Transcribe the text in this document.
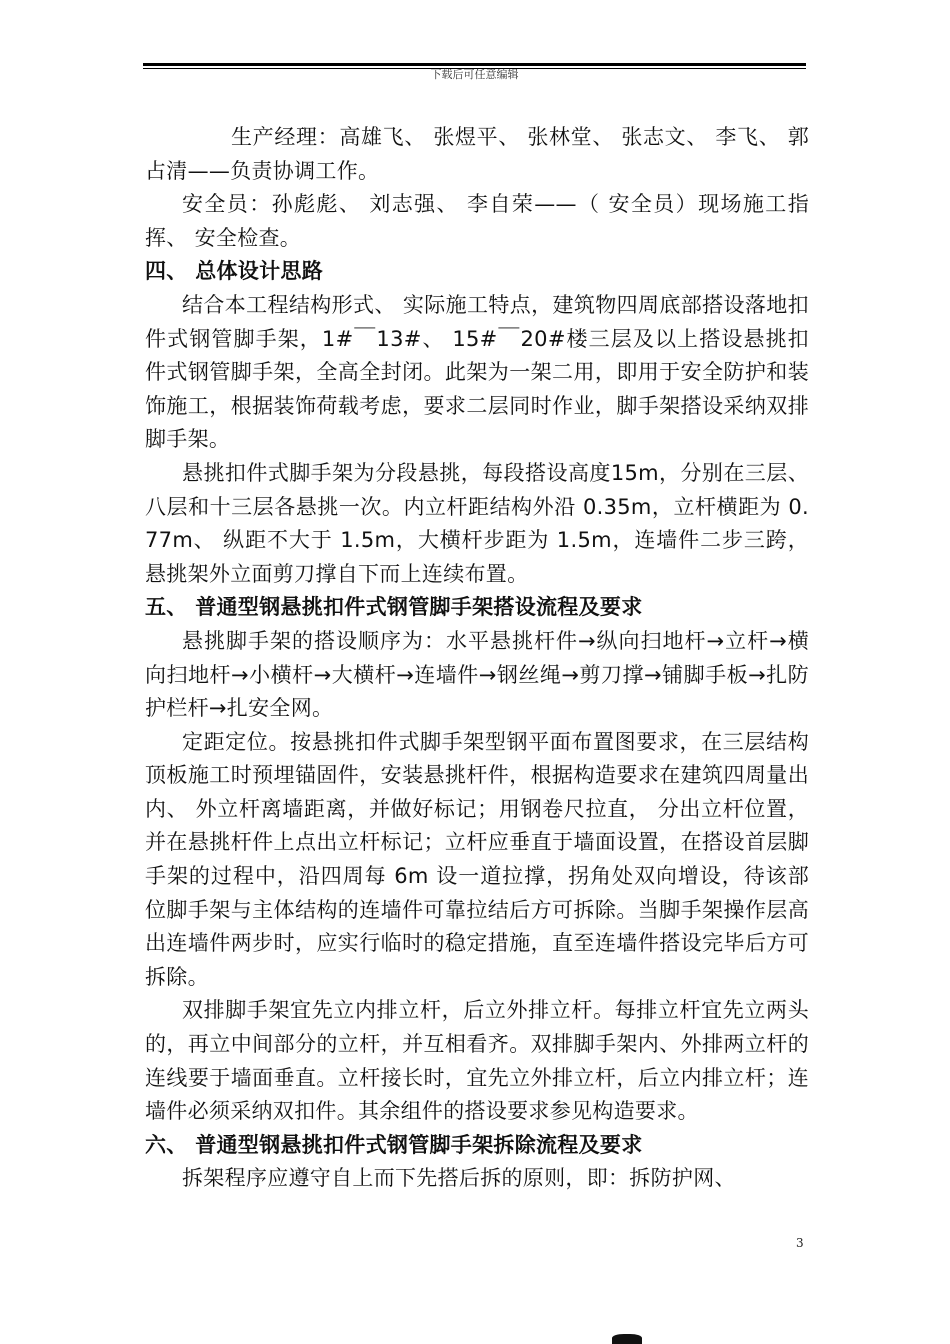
下载后可任意编辑

生产经理：高雄飞、 张煜平、 张林堂、 张志文、 李飞、 郭占清——负责协调工作。

安全员：孙彪彪、 刘志强、 李自荣——（ 安全员）现场施工指挥、 安全检查。

四、 总体设计思路

结合本工程结构形式、 实际施工特点，建筑物四周底部搭设落地扣件式钢管脚手架，1#￣13#、 15#￣20#楼三层及以上搭设悬挑扣件式钢管脚手架，全高全封闭。此架为一架二用，即用于安全防护和装饰施工，根据装饰荷载考虑，要求二层同时作业，脚手架搭设采纳双排脚手架。

悬挑扣件式脚手架为分段悬挑，每段搭设高度15m，分别在三层、 八层和十三层各悬挑一次。内立杆距结构外沿 0.35m，立杆横距为 0.77m、 纵距不大于 1.5m，大横杆步距为 1.5m，连墙件二步三跨，悬挑架外立面剪刀撑自下而上连续布置。

五、 普通型钢悬挑扣件式钢管脚手架搭设流程及要求

悬挑脚手架的搭设顺序为：水平悬挑杆件→纵向扫地杆→立杆→横向扫地杆→小横杆→大横杆→连墙件→钢丝绳→剪刀撑→铺脚手板→扎防护栏杆→扎安全网。

定距定位。按悬挑扣件式脚手架型钢平面布置图要求，在三层结构顶板施工时预埋锚固件，安装悬挑杆件，根据构造要求在建筑四周量出内、 外立杆离墙距离，并做好标记；用钢卷尺拉直， 分出立杆位置，并在悬挑杆件上点出立杆标记；立杆应垂直于墙面设置，在搭设首层脚手架的过程中，沿四周每 6m 设一道拉撑，拐角处双向增设，待该部位脚手架与主体结构的连墙件可靠拉结后方可拆除。当脚手架操作层高出连墙件两步时，应实行临时的稳定措施，直至连墙件搭设完毕后方可拆除。

双排脚手架宜先立内排立杆，后立外排立杆。每排立杆宜先立两头的，再立中间部分的立杆，并互相看齐。双排脚手架内、外排两立杆的连线要于墙面垂直。立杆接长时，宜先立外排立杆，后立内排立杆；连墙件必须采纳双扣件。其余组件的搭设要求参见构造要求。

六、 普通型钢悬挑扣件式钢管脚手架拆除流程及要求

拆架程序应遵守自上而下先搭后拆的原则，即：拆防护网、

3
